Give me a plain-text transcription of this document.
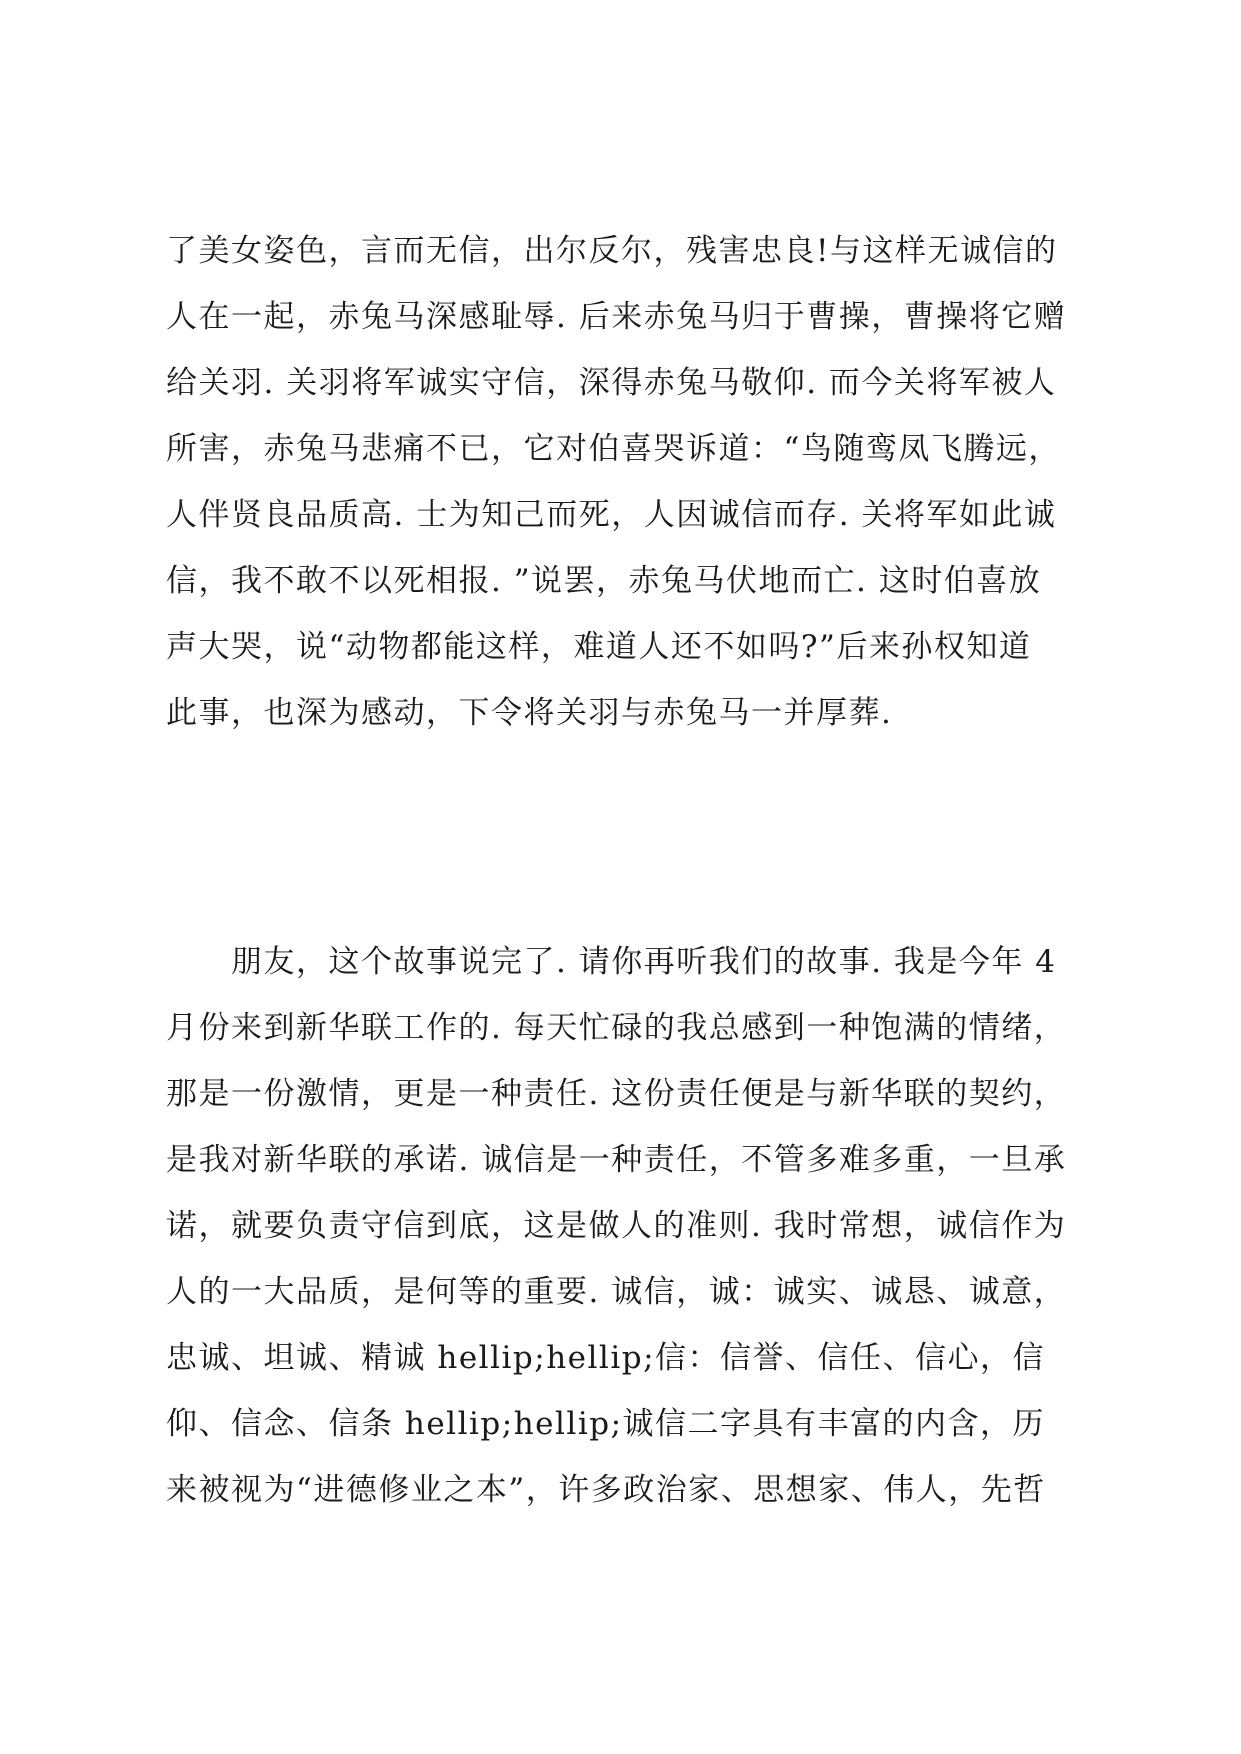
了美女姿色，言而无信，出尔反尔，残害忠良!与这样无诚信的
人在一起，赤兔马深感耻辱. 后来赤兔马归于曹操，曹操将它赠
给关羽. 关羽将军诚实守信，深得赤兔马敬仰. 而今关将军被人
所害，赤兔马悲痛不已，它对伯喜哭诉道：“鸟随鸾凤飞腾远，
人伴贤良品质高. 士为知己而死，人因诚信而存. 关将军如此诚
信，我不敢不以死相报. ”说罢，赤兔马伏地而亡. 这时伯喜放
声大哭，说“动物都能这样，难道人还不如吗?”后来孙权知道
此事，也深为感动，下令将关羽与赤兔马一并厚葬.
　　朋友，这个故事说完了. 请你再听我们的故事. 我是今年 4
月份来到新华联工作的. 每天忙碌的我总感到一种饱满的情绪，
那是一份激情，更是一种责任. 这份责任便是与新华联的契约，
是我对新华联的承诺. 诚信是一种责任，不管多难多重，一旦承
诺，就要负责守信到底，这是做人的准则. 我时常想，诚信作为
人的一大品质，是何等的重要. 诚信，诚：诚实、诚恳、诚意，
忠诚、坦诚、精诚 hellip;hellip;信：信誉、信任、信心，信
仰、信念、信条 hellip;hellip;诚信二字具有丰富的内含，历
来被视为“进德修业之本”，许多政治家、思想家、伟人，先哲
